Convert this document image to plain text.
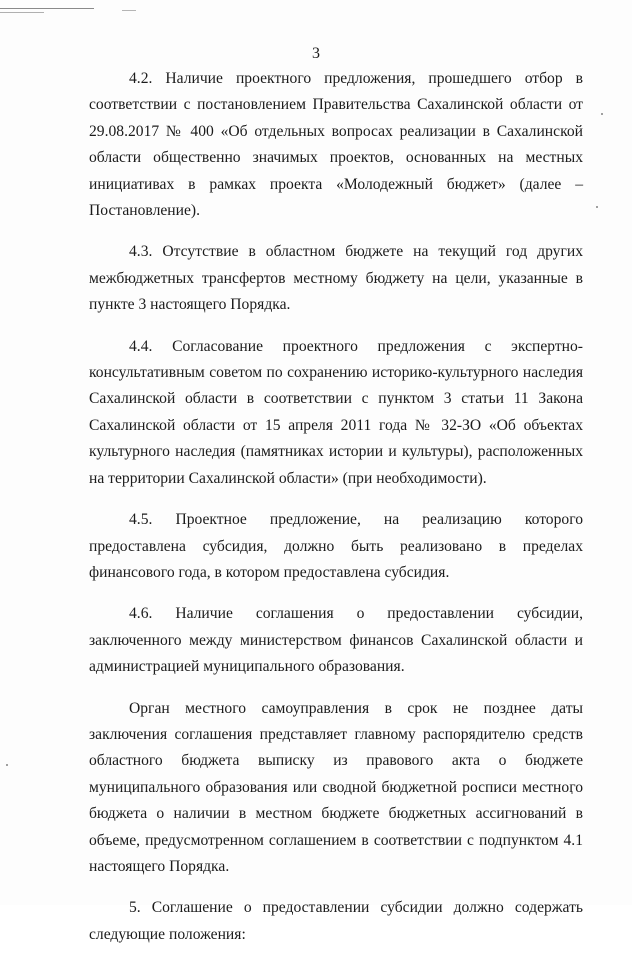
3

4.2. Наличие проектного предложения, прошедшего отбор в соответствии с постановлением Правительства Сахалинской области от 29.08.2017 № 400 «Об отдельных вопросах реализации в Сахалинской области общественно значимых проектов, основанных на местных инициативах в рамках проекта «Молодежный бюджет» (далее – Постановление).

4.3. Отсутствие в областном бюджете на текущий год других межбюджетных трансфертов местному бюджету на цели, указанные в пункте 3 настоящего Порядка.

4.4. Согласование проектного предложения с экспертно-консультативным советом по сохранению историко-культурного наследия Сахалинской области в соответствии с пунктом 3 статьи 11 Закона Сахалинской области от 15 апреля 2011 года № 32-ЗО «Об объектах культурного наследия (памятниках истории и культуры), расположенных на территории Сахалинской области» (при необходимости).

4.5. Проектное предложение, на реализацию которого предоставлена субсидия, должно быть реализовано в пределах финансового года, в котором предоставлена субсидия.

4.6. Наличие соглашения о предоставлении субсидии, заключенного между министерством финансов Сахалинской области и администрацией муниципального образования.

Орган местного самоуправления в срок не позднее даты заключения соглашения представляет главному распорядителю средств областного бюджета выписку из правового акта о бюджете муниципального образования или сводной бюджетной росписи местного бюджета о наличии в местном бюджете бюджетных ассигнований в объеме, предусмотренном соглашением в соответствии с подпунктом 4.1 настоящего Порядка.

5. Соглашение о предоставлении субсидии должно содержать следующие положения:
